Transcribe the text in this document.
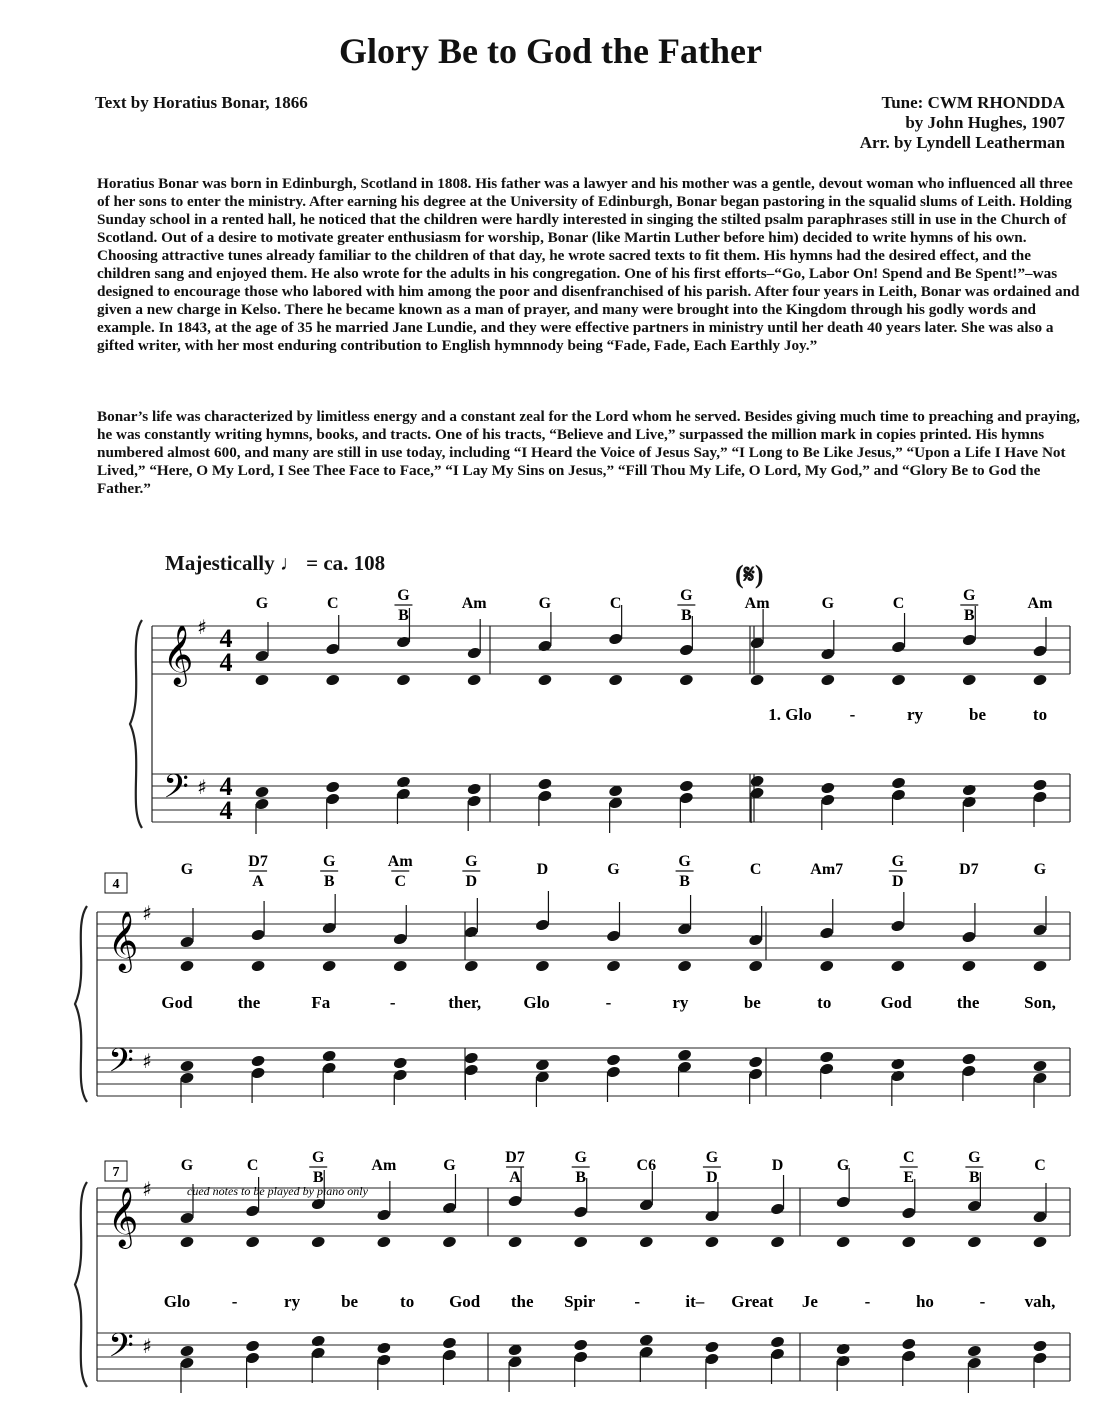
Glory Be to God the Father
Text by Horatius Bonar, 1866	Tune: CWM RHONDDA
by John Hughes, 1907
Arr. by Lyndell Leatherman

Horatius Bonar was born in Edinburgh, Scotland in 1808. His father was a lawyer and his mother was a gentle, devout woman who influenced all three of her sons to enter the ministry. After earning his degree at the University of Edinburgh, Bonar began pastoring in the squalid slums of Leith. Holding Sunday school in a rented hall, he noticed that the children were hardly interested in singing the stilted psalm paraphrases still in use in the Church of Scotland. Out of a desire to motivate greater enthusiasm for worship, Bonar (like Martin Luther before him) decided to write hymns of his own. Choosing attractive tunes already familiar to the children of that day, he wrote sacred texts to fit them. His hymns had the desired effect, and the children sang and enjoyed them. He also wrote for the adults in his congregation. One of his first efforts–“Go, Labor On! Spend and Be Spent!”–was designed to encourage those who labored with him among the poor and disenfranchised of his parish. After four years in Leith, Bonar was ordained and given a new charge in Kelso. There he became known as a man of prayer, and many were brought into the Kingdom through his godly words and example. In 1843, at the age of 35 he married Jane Lundie, and they were effective partners in ministry until her death 40 years later. She was also a gifted writer, with her most enduring contribution to English hymnnody being “Fade, Fade, Each Earthly Joy.”

Bonar’s life was characterized by limitless energy and a constant zeal for the Lord whom he served. Besides giving much time to preaching and praying, he was constantly writing hymns, books, and tracts. One of his tracts, “Believe and Live,” surpassed the million mark in copies printed. His hymns numbered almost 600, and many are still in use today, including “I Heard the Voice of Jesus Say,” “I Long to Be Like Jesus,” “Upon a Life I Have Not Lived,” “Here, O My Lord, I See Thee Face to Face,” “I Lay My Sins on Jesus,” “Fill Thou My Life, O Lord, My God,” and “Glory Be to God the Father.”

Majestically ♩ = ca. 108	(𝄋)
𝄞
𝄢
♯
♯
4
4
4
4
G	C	G
B
Am	G	C	G
B
Am	G	C	G
B
Am
1. Glo -	ry	be	to
𝄞
𝄢
♯
♯
G	D7
A
G
B
Am
C
G
D
D	G	G
B
C	Am7	G
D
D7	G
God	the	Fa	-	ther, Glo	-	ry	be	to	God	the	Son,
𝄞
𝄢
♯
♯
G	C	G
B
Am	G	D7
A
G
B
C6	G
D
D	G	C
E
G
B
C
Glo -	ry be to God the Spir -	it– Great Je	-	ho	- vah,
4
7
cued notes to be played by piano only
